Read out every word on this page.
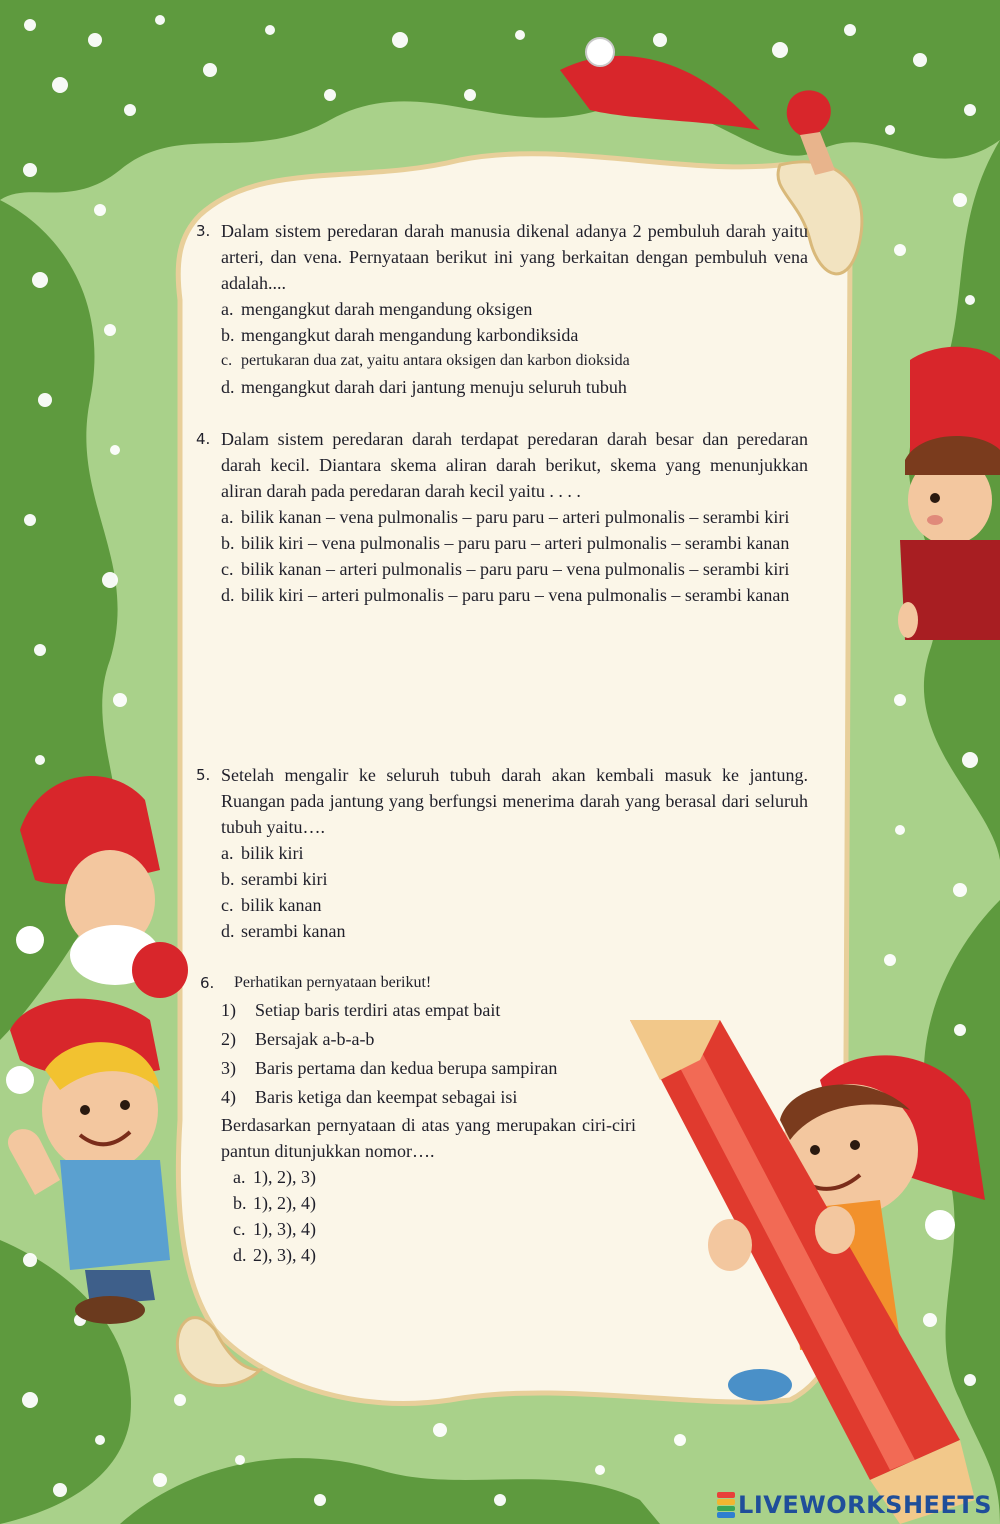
3. Dalam sistem peredaran darah manusia dikenal adanya 2 pembuluh darah yaitu arteri, dan vena. Pernyataan berikut ini yang berkaitan dengan pembuluh vena adalah....
a. mengangkut darah mengandung oksigen
b. mengangkut darah mengandung karbondiksida
c. pertukaran dua zat, yaitu antara oksigen dan karbon dioksida
d. mengangkut darah dari jantung menuju seluruh tubuh
4. Dalam sistem peredaran darah terdapat peredaran darah besar dan peredaran darah kecil. Diantara skema aliran darah berikut, skema yang menunjukkan aliran darah pada peredaran darah kecil yaitu . . . .
a. bilik kanan – vena pulmonalis – paru paru – arteri pulmonalis – serambi kiri
b. bilik kiri – vena pulmonalis – paru paru – arteri pulmonalis – serambi kanan
c. bilik kanan – arteri pulmonalis – paru paru – vena pulmonalis – serambi kiri
d. bilik kiri – arteri pulmonalis – paru paru – vena pulmonalis – serambi kanan
5. Setelah mengalir ke seluruh tubuh darah akan kembali masuk ke jantung. Ruangan pada jantung yang berfungsi menerima darah yang berasal dari seluruh tubuh yaitu….
a. bilik kiri
b. serambi kiri
c. bilik kanan
d. serambi kanan
6.	Perhatikan pernyataan berikut!
1) Setiap baris terdiri atas empat bait
2) Bersajak a-b-a-b
3) Baris pertama dan kedua berupa sampiran
4) Baris ketiga dan keempat sebagai isi
Berdasarkan pernyataan di atas yang merupakan ciri-ciri pantun ditunjukkan nomor….
a. 1), 2), 3)
b. 1), 2), 4)
c. 1), 3), 4)
d. 2), 3), 4)
LIVEWORKSHEETS
